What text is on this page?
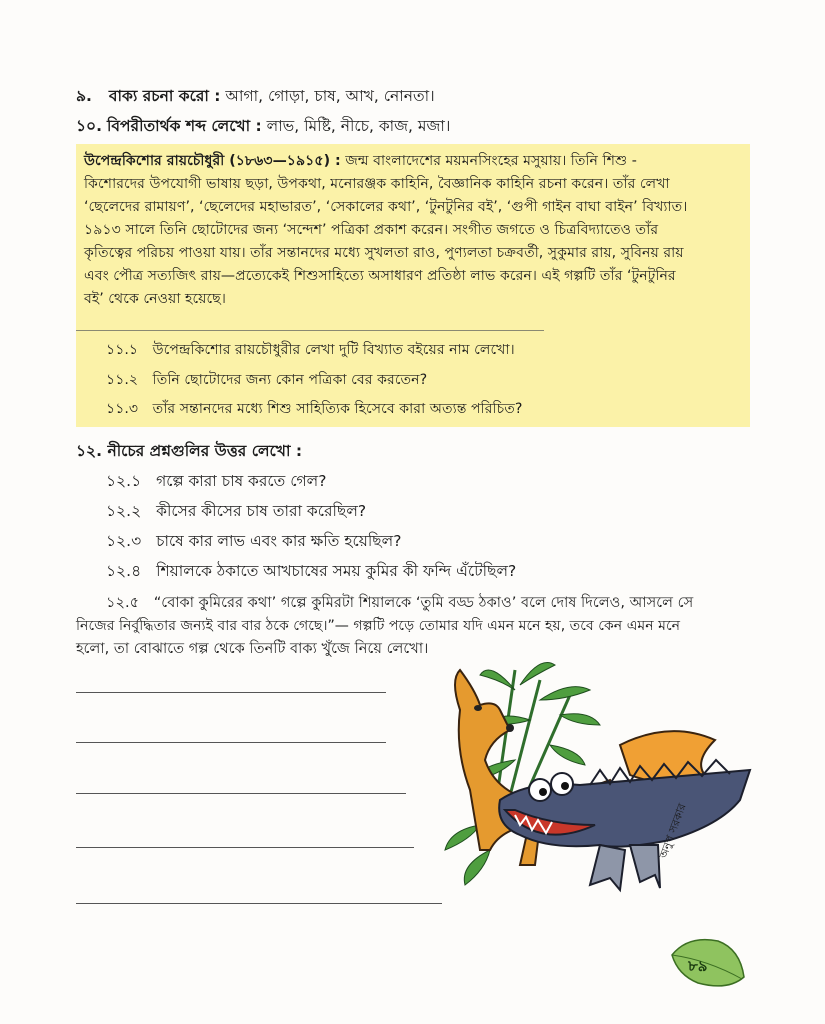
৯. বাক্য রচনা করো : আগা, গোড়া, চাষ, আখ, নোনতা।
১০. বিপরীতার্থক শব্দ লেখো : লাভ, মিষ্টি, নীচে, কাজ, মজা।
উপেন্দ্রকিশোর রায়চৌধুরী (১৮৬৩—১৯১৫) : জন্ম বাংলাদেশের ময়মনসিংহের মসুয়ায়। তিনি শিশু -
কিশোরদের উপযোগী ভাষায় ছড়া, উপকথা, মনোরঞ্জক কাহিনি, বৈজ্ঞানিক কাহিনি রচনা করেন। তাঁর লেখা
‘ছেলেদের রামায়ণ’, ‘ছেলেদের মহাভারত’, ‘সেকালের কথা’, ‘টুনটুনির বই’, ‘গুপী গাইন বাঘা বাইন’ বিখ্যাত।
১৯১৩ সালে তিনি ছোটোদের জন্য ‘সন্দেশ’ পত্রিকা প্রকাশ করেন। সংগীত জগতে ও চিত্রবিদ্যাতেও তাঁর
কৃতিত্বের পরিচয় পাওয়া যায়। তাঁর সন্তানদের মধ্যে সুখলতা রাও, পুণ্যলতা চক্রবর্তী, সুকুমার রায়, সুবিনয় রায়
এবং পৌত্র সত্যজিৎ রায়—প্রত্যেকেই শিশুসাহিত্যে অসাধারণ প্রতিষ্ঠা লাভ করেন। এই গল্পটি তাঁর ‘টুনটুনির
বই’ থেকে নেওয়া হয়েছে।
১১.১ উপেন্দ্রকিশোর রায়চৌধুরীর লেখা দুটি বিখ্যাত বইয়ের নাম লেখো।
১১.২ তিনি ছোটোদের জন্য কোন পত্রিকা বের করতেন?
১১.৩ তাঁর সন্তানদের মধ্যে শিশু সাহিত্যিক হিসেবে কারা অত্যন্ত পরিচিত?
১২. নীচের প্রশ্নগুলির উত্তর লেখো :
১২.১ গল্পে কারা চাষ করতে গেল?
১২.২ কীসের কীসের চাষ তারা করেছিল?
১২.৩ চাষে কার লাভ এবং কার ক্ষতি হয়েছিল?
১২.৪ শিয়ালকে ঠকাতে আখচাষের সময় কুমির কী ফন্দি এঁটেছিল?
১২.৫ “বোকা কুমিরের কথা’ গল্পে কুমিরটা শিয়ালকে ‘তুমি বড্ড ঠকাও’ বলে দোষ দিলেও, আসলে সে
নিজের নির্বুদ্ধিতার জন্যই বার বার ঠকে গেছে।”— গল্পটি পড়ে তোমার যদি এমন মনে হয়, তবে কেন এমন মনে
হলো, তা বোঝাতে গল্প থেকে তিনটি বাক্য খুঁজে নিয়ে লেখো।
অনুপ সরকার
৮৯
